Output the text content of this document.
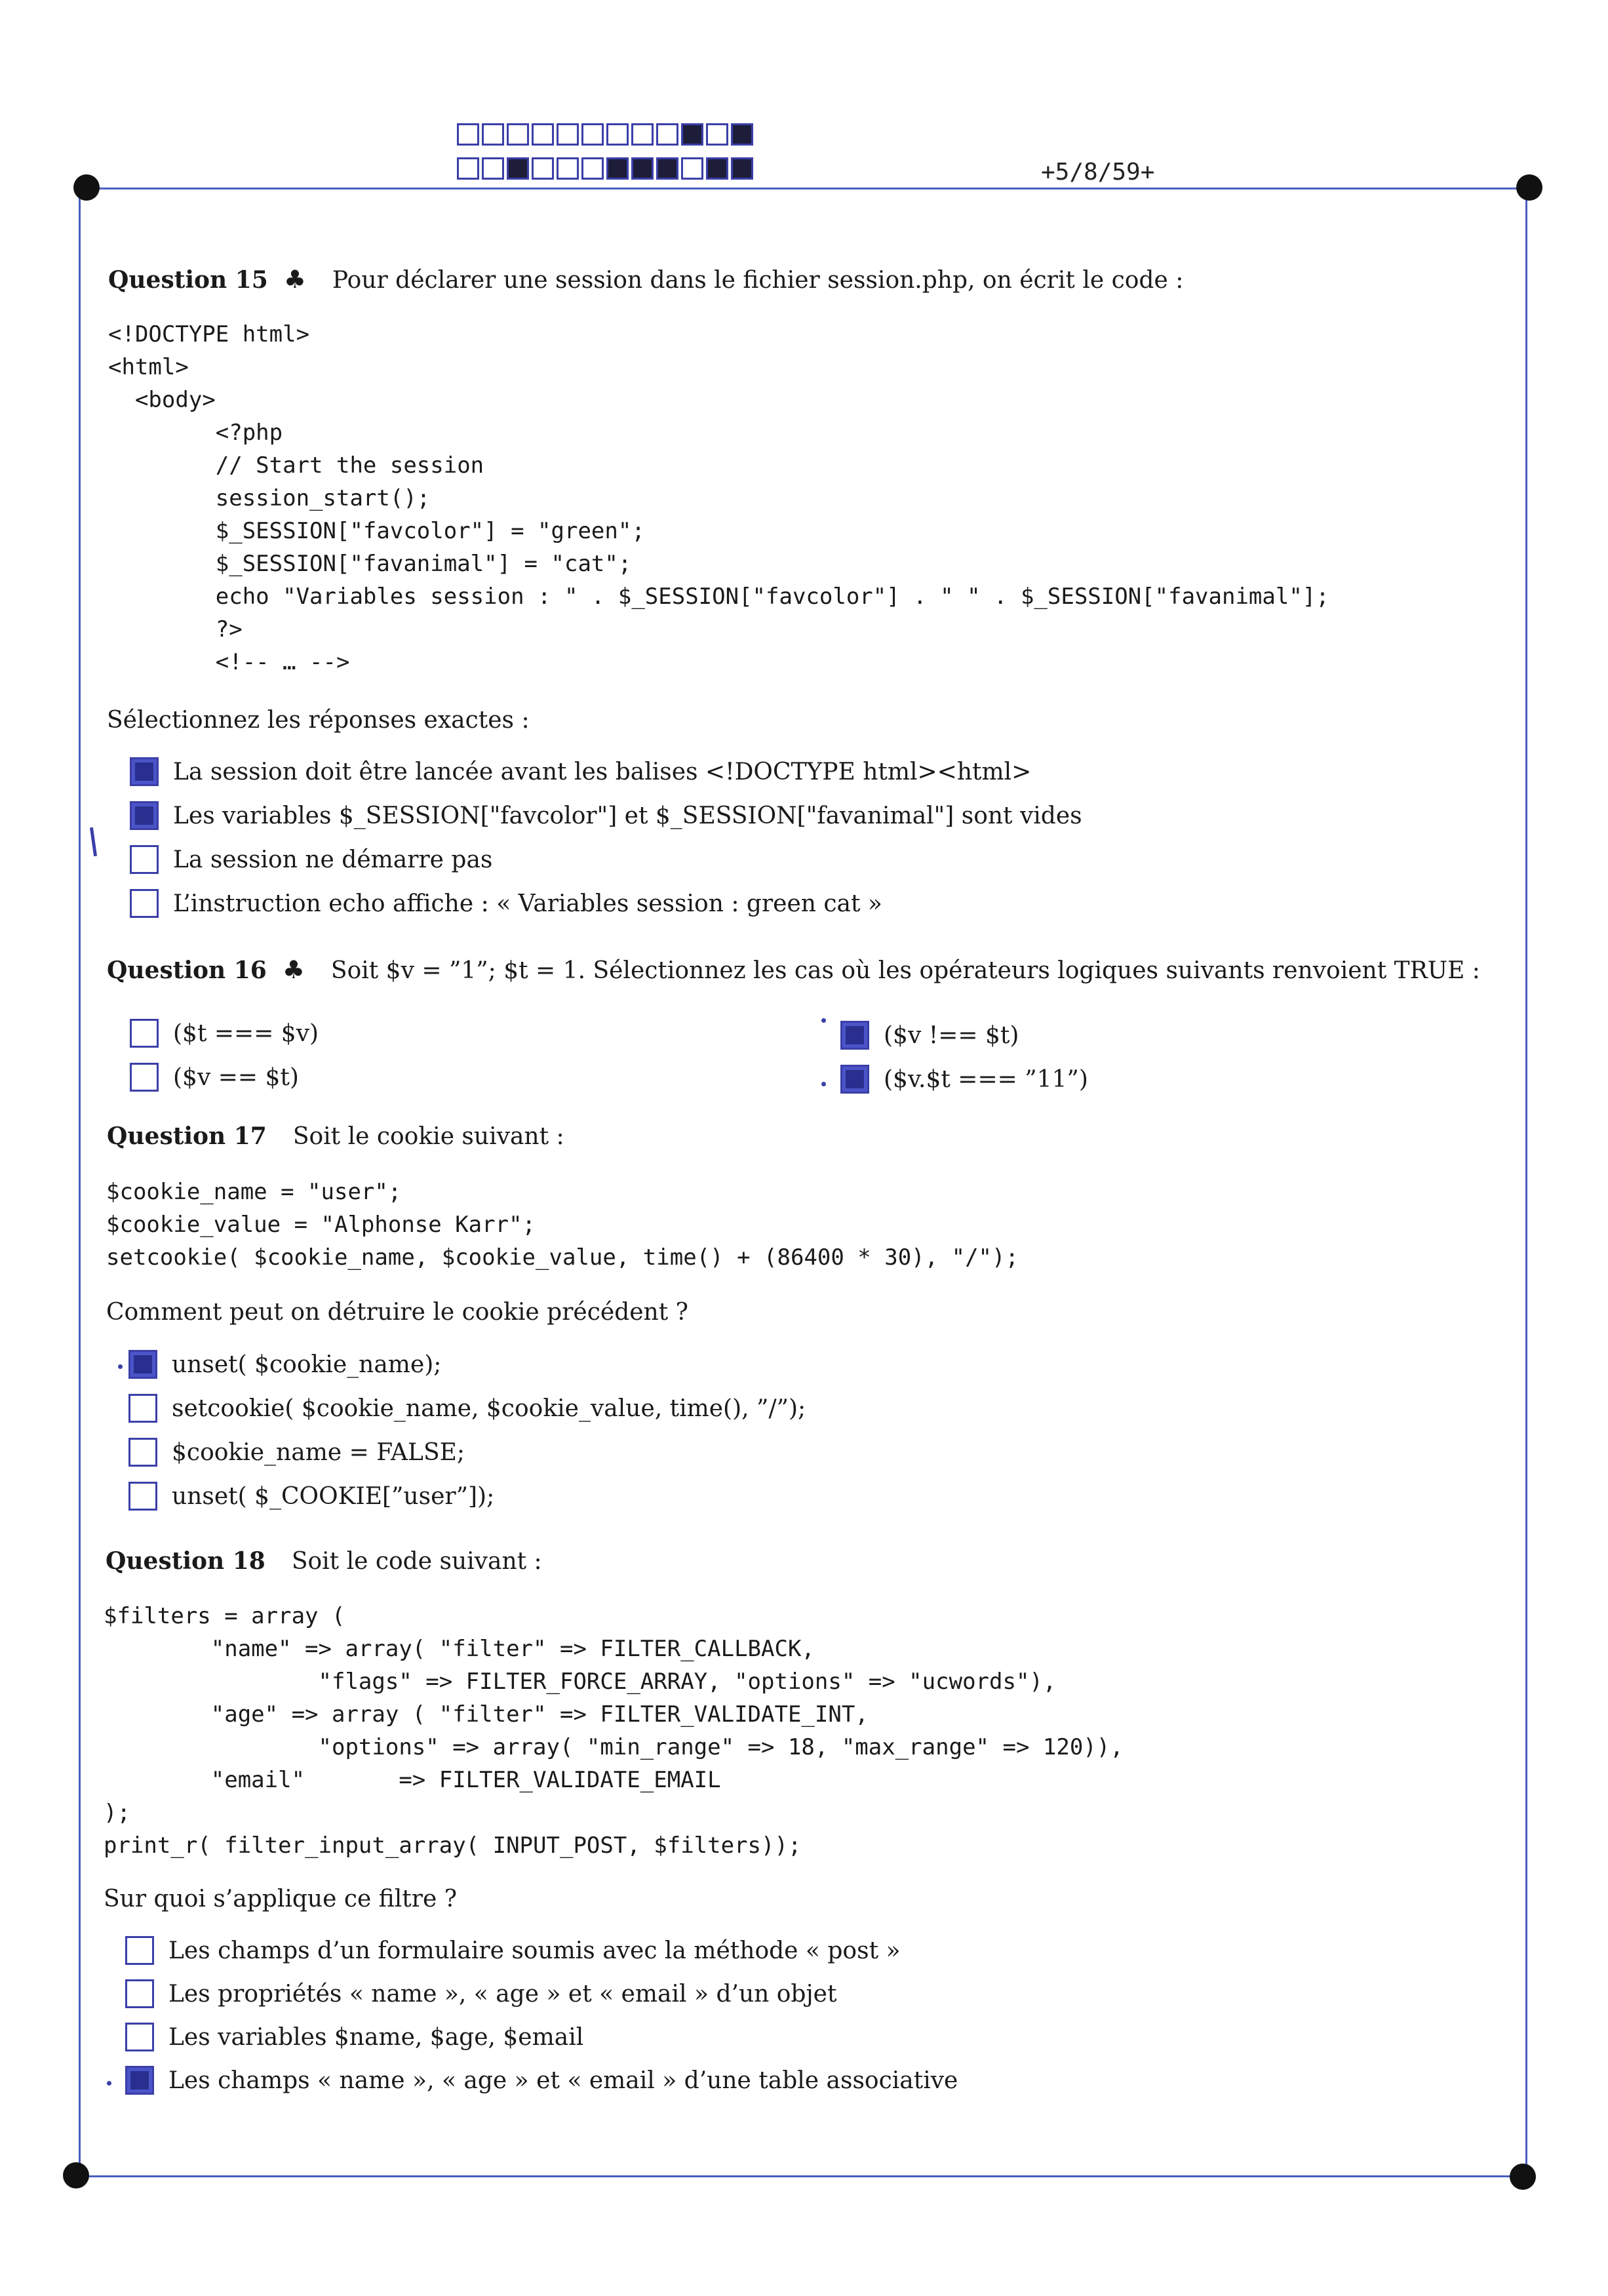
+5/8/59+
Question 15 ♣ Pour déclarer une session dans le fichier session.php, on écrit le code :
<!DOCTYPE html>
<html>
<body>
<?php
// Start the session
session_start();
$_SESSION["favcolor"] = "green";
$_SESSION["favanimal"] = "cat";
echo "Variables session : " . $_SESSION["favcolor"] . " " . $_SESSION["favanimal"];
?>
<!-- … -->
Sélectionnez les réponses exactes :
La session doit être lancée avant les balises <!DOCTYPE html><html>
Les variables $_SESSION["favcolor"] et $_SESSION["favanimal"] sont vides
La session ne démarre pas
L’instruction echo affiche : « Variables session : green cat »
Question 16 ♣ Soit $v = ”1”; $t = 1. Sélectionnez les cas où les opérateurs logiques suivants renvoient TRUE :
($t === $v)
($v == $t)
($v !== $t)
($v.$t === ”11”)
Question 17 Soit le cookie suivant :
$cookie_name = "user";
$cookie_value = "Alphonse Karr";
setcookie( $cookie_name, $cookie_value, time() + (86400 * 30), "/");
Comment peut on détruire le cookie précédent ?
unset( $cookie_name);
setcookie( $cookie_name, $cookie_value, time(), ”/”);
$cookie_name = FALSE;
unset( $_COOKIE[”user”]);
Question 18 Soit le code suivant :
$filters = array (
"name" => array( "filter" => FILTER_CALLBACK,
"flags" => FILTER_FORCE_ARRAY, "options" => "ucwords"),
"age" => array ( "filter" => FILTER_VALIDATE_INT,
"options" => array( "min_range" => 18, "max_range" => 120)),
"email"       => FILTER_VALIDATE_EMAIL
);
print_r( filter_input_array( INPUT_POST, $filters));
Sur quoi s’applique ce filtre ?
Les champs d’un formulaire soumis avec la méthode « post »
Les propriétés « name », « age » et « email » d’un objet
Les variables $name, $age, $email
Les champs « name », « age » et « email » d’une table associative
